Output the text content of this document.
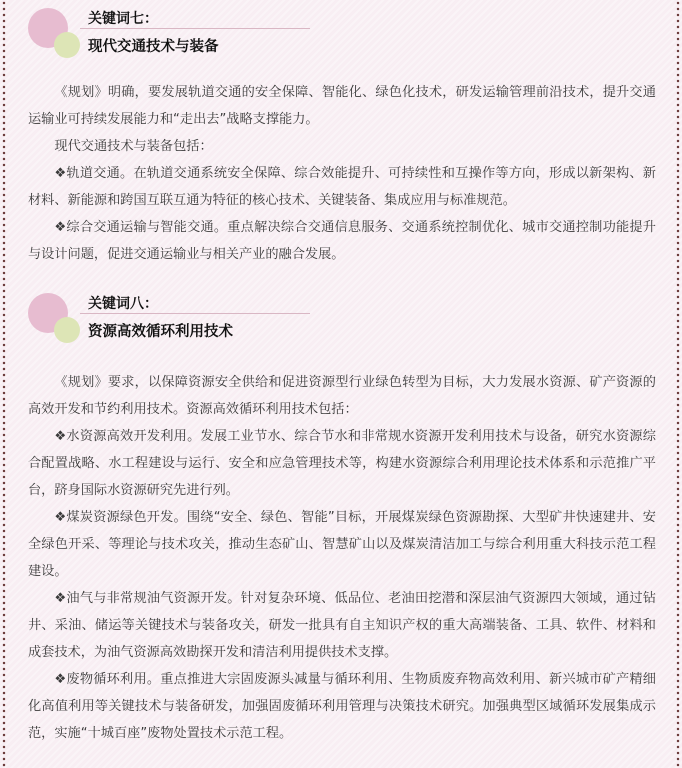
关键词七：
现代交通技术与装备

《规划》明确，要发展轨道交通的安全保障、智能化、绿色化技术，研发运输管理前沿技术，提升交通运输业可持续发展能力和“走出去”战略支撑能力。

现代交通技术与装备包括：

❖轨道交通。在轨道交通系统安全保障、综合效能提升、可持续性和互操作等方向，形成以新架构、新材料、新能源和跨国互联互通为特征的核心技术、关键装备、集成应用与标准规范。

❖综合交通运输与智能交通。重点解决综合交通信息服务、交通系统控制优化、城市交通控制功能提升与设计问题，促进交通运输业与相关产业的融合发展。

关键词八：
资源高效循环利用技术

《规划》要求，以保障资源安全供给和促进资源型行业绿色转型为目标，大力发展水资源、矿产资源的高效开发和节约利用技术。资源高效循环利用技术包括：

❖水资源高效开发利用。发展工业节水、综合节水和非常规水资源开发利用技术与设备，研究水资源综合配置战略、水工程建设与运行、安全和应急管理技术等，构建水资源综合利用理论技术体系和示范推广平台，跻身国际水资源研究先进行列。

❖煤炭资源绿色开发。围绕“安全、绿色、智能”目标，开展煤炭绿色资源勘探、大型矿井快速建井、安全绿色开采、等理论与技术攻关，推动生态矿山、智慧矿山以及煤炭清洁加工与综合利用重大科技示范工程建设。

❖油气与非常规油气资源开发。针对复杂环境、低品位、老油田挖潜和深层油气资源四大领域，通过钻井、采油、储运等关键技术与装备攻关，研发一批具有自主知识产权的重大高端装备、工具、软件、材料和成套技术，为油气资源高效勘探开发和清洁利用提供技术支撑。

❖废物循环利用。重点推进大宗固废源头减量与循环利用、生物质废弃物高效利用、新兴城市矿产精细化高值利用等关键技术与装备研发，加强固废循环利用管理与决策技术研究。加强典型区域循环发展集成示范，实施“十城百座”废物处置技术示范工程。
